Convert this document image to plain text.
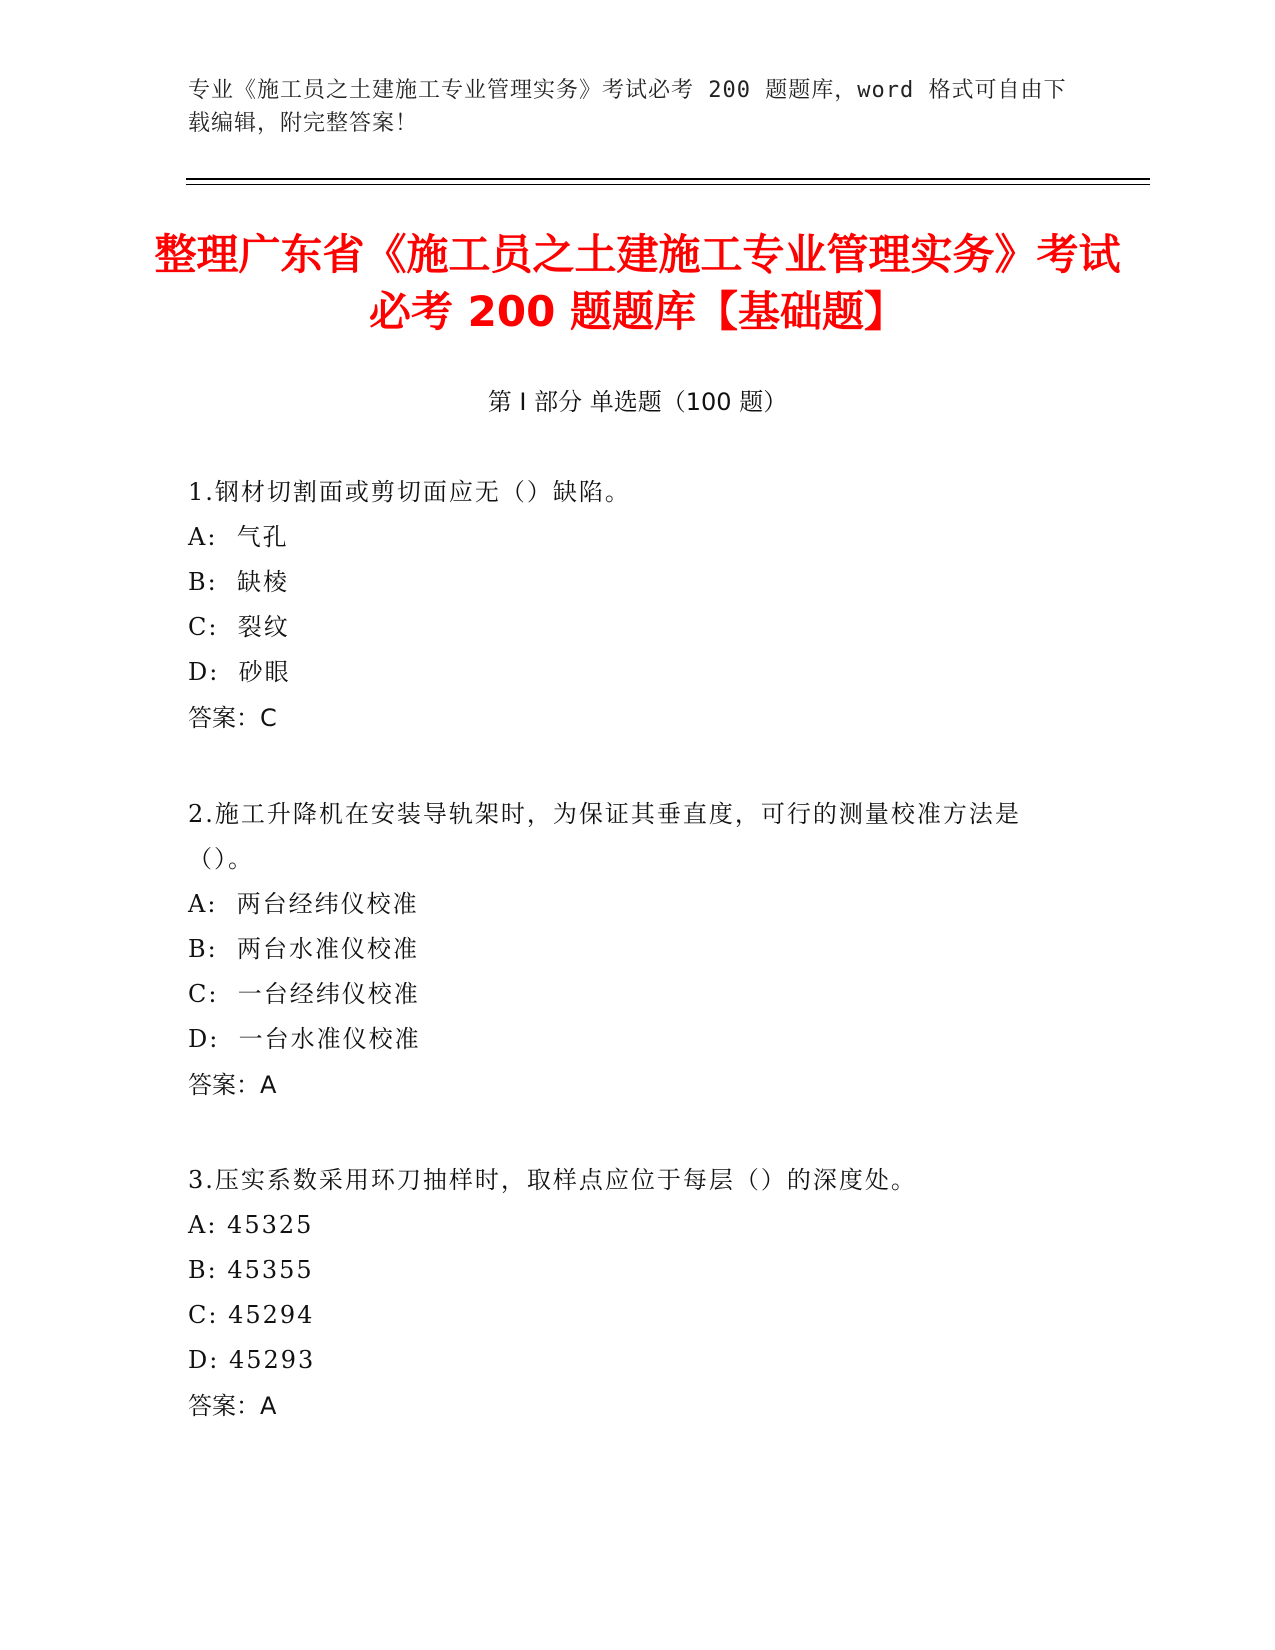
专业《施工员之土建施工专业管理实务》考试必考 200 题题库，word 格式可自由下载编辑，附完整答案！
整理广东省《施工员之土建施工专业管理实务》考试必考 200 题题库【基础题】
第 I 部分 单选题（100 题）
1.钢材切割面或剪切面应无（）缺陷。
A:  气孔
B:  缺棱
C:  裂纹
D:  砂眼
答案：C
2.施工升降机在安装导轨架时，为保证其垂直度，可行的测量校准方法是（）。
A:  两台经纬仪校准
B:  两台水准仪校准
C:  一台经纬仪校准
D:  一台水准仪校准
答案：A
3.压实系数采用环刀抽样时，取样点应位于每层（）的深度处。
A: 45325
B: 45355
C: 45294
D: 45293
答案：A
